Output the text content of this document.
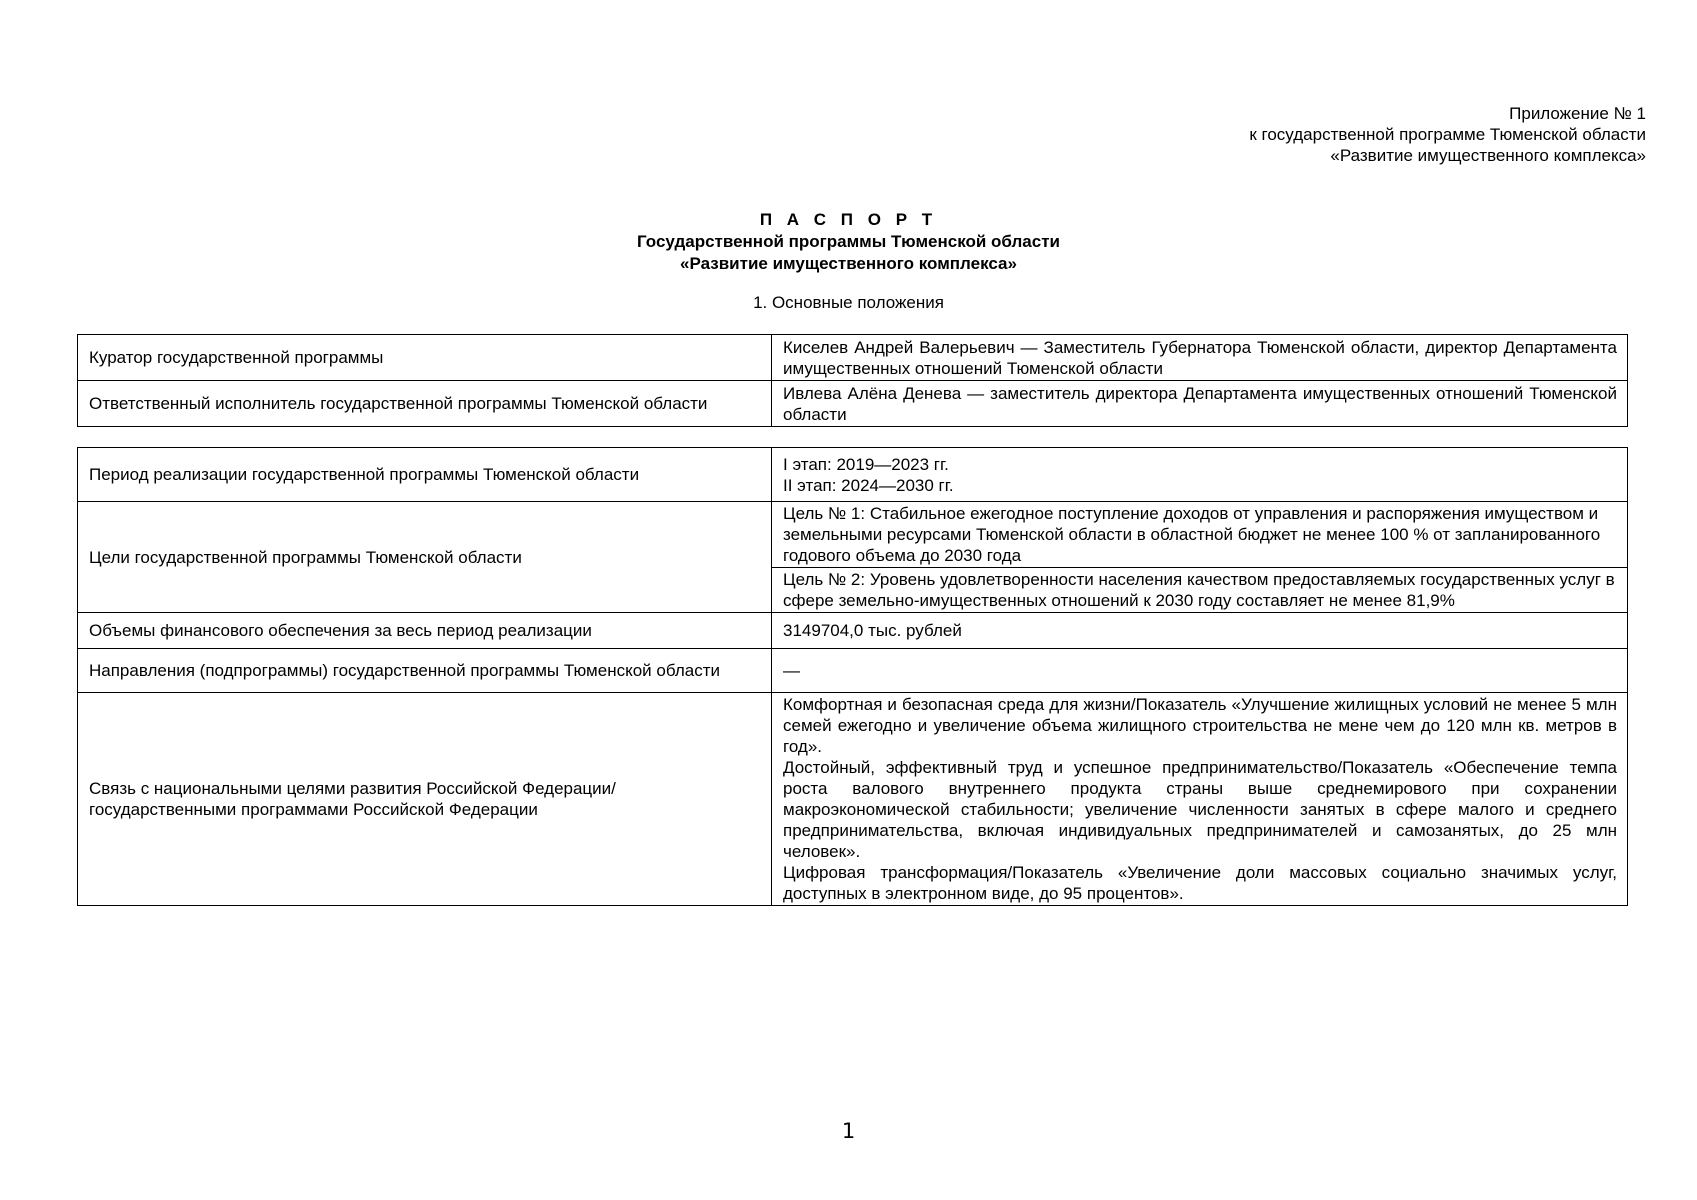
Приложение № 1
к государственной программе Тюменской области
«Развитие имущественного комплекса»
П А С П О Р Т
Государственной программы Тюменской области
«Развитие имущественного комплекса»
1. Основные положения
Куратор государственной программы	Киселев Андрей Валерьевич — Заместитель Губернатора Тюменской области, директор Департамента имущественных отношений Тюменской области
Ответственный исполнитель государственной программы Тюменской области	Ивлева Алёна Денева — заместитель директора Департамента имущественных отношений Тюменской области
Период реализации государственной программы Тюменской области	I этап: 2019—2023 гг.
II этап: 2024—2030 гг.

Цели государственной программы Тюменской области	Цель № 1: Стабильное ежегодное поступление доходов от управления и распоряжения имуществом и земельными ресурсами Тюменской области в областной бюджет не менее 100 % от запланированного годового объема до 2030 года
	Цель № 2: Уровень удовлетворенности населения качеством предоставляемых государственных услуг в сфере земельно-имущественных отношений к 2030 году составляет не менее 81,9%
Объемы финансового обеспечения за весь период реализации	3149704,0 тыс. рублей
Направления (подпрограммы) государственной программы Тюменской области	—

Связь с национальными целями развития Российской Федерации/
государственными программами Российской Федерации	Комфортная и безопасная среда для жизни/Показатель «Улучшение жилищных условий не менее 5 млн семей ежегодно и увеличение объема жилищного строительства не мене чем до 120 млн кв. метров в год».
Достойный, эффективный труд и успешное предпринимательство/Показатель «Обеспечение темпа роста валового внутреннего продукта страны выше среднемирового при сохранении макроэкономической стабильности; увеличение численности занятых в сфере малого и среднего предпринимательства, включая индивидуальных предпринимателей и самозанятых, до 25 млн человек».
Цифровая трансформация/Показатель «Увеличение доли массовых социально значимых услуг, доступных в электронном виде, до 95 процентов».
1
